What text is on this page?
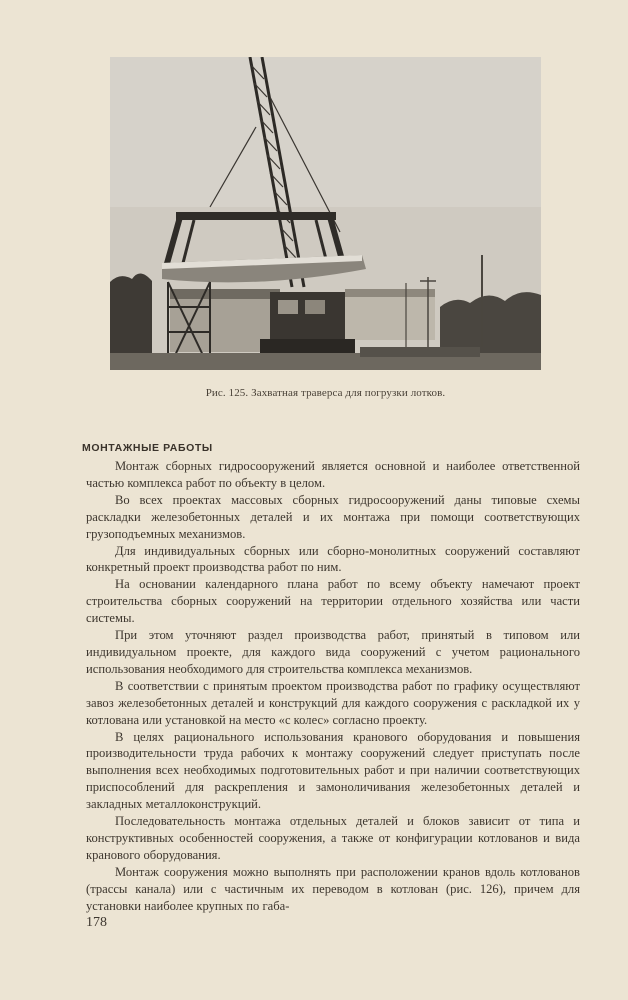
Рис. 125. Захватная траверса для погрузки лотков.
МОНТАЖНЫЕ РАБОТЫ

Монтаж сборных гидросооружений является основной и наиболее ответственной частью комплекса работ по объекту в целом.

Во всех проектах массовых сборных гидросооружений даны типовые схемы раскладки железобетонных деталей и их монтажа при помощи соответствующих грузоподъемных механизмов.

Для индивидуальных сборных или сборно-монолитных сооружений составляют конкретный проект производства работ по ним.

На основании календарного плана работ по всему объекту намечают проект строительства сборных сооружений на территории отдельного хозяйства или части системы.

При этом уточняют раздел производства работ, принятый в типовом или индивидуальном проекте, для каждого вида сооружений с учетом рационального использования необходимого для строительства комплекса механизмов.

В соответствии с принятым проектом производства работ по графику осуществляют завоз железобетонных деталей и конструкций для каждого сооружения с раскладкой их у котлована или установкой на место «с колес» согласно проекту.

В целях рационального использования кранового оборудования и повышения производительности труда рабочих к монтажу сооружений следует приступать после выполнения всех необходимых подготовительных работ и при наличии соответствующих приспособлений для раскрепления и замоноличивания железобетонных деталей и закладных металлоконструкций.

Последовательность монтажа отдельных деталей и блоков зависит от типа и конструктивных особенностей сооружения, а также от конфигурации котлованов и вида кранового оборудования.

Монтаж сооружения можно выполнять при расположении кранов вдоль котлованов (трассы канала) или с частичным их переводом в котлован (рис. 126), причем для установки наиболее крупных по габа-

178
